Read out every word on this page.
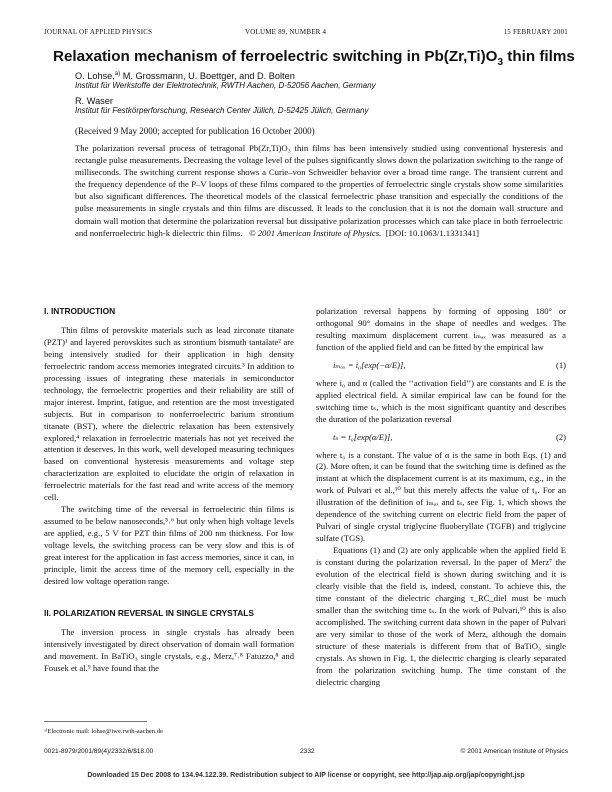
JOURNAL OF APPLIED PHYSICS	VOLUME 89, NUMBER 4	15 FEBRUARY 2001
Relaxation mechanism of ferroelectric switching in $Pb(Zr,Ti)O_3$ thin films
O. Lohse,$^{a)}$ M. Grossmann, U. Boettger, and D. Bolten
Institut für Werkstoffe der Elektrotechnik, RWTH Aachen, D-52056 Aachen, Germany
R. Waser
Institut für Festkörperforschung, Research Center Jülich, D-52425 Jülich, Germany
(Received 9 May 2000; accepted for publication 16 October 2000)
The polarization reversal process of tetragonal Pb(Zr,Ti)O₃ thin films has been intensively studied using conventional hysteresis and rectangle pulse measurements. Decreasing the voltage level of the pulses significantly slows down the polarization switching to the range of milliseconds. The switching current response shows a Curie–von Schweidler behavior over a broad time range. The transient current and the frequency dependence of the P–V loops of these films compared to the properties of ferroelectric single crystals show some similarities but also significant differences. The theoretical models of the classical ferroelectric phase transition and especially the conditions of the pulse measurements in single crystals and thin films are discussed. It leads to the conclusion that it is not the domain wall structure and domain wall motion that determine the polarization reversal but dissipative polarization processes which can take place in both ferroelectric and nonferroelectric high-k dielectric thin films. © 2001 American Institute of Physics. [DOI: 10.1063/1.1331341]
I. INTRODUCTION

Thin films of perovskite materials such as lead zirconate titanate (PZT)¹ and layered perovskites such as strontium bismuth tantalate² are being intensively studied for their application in high density ferroelectric random access memories integrated circuits.³ In addition to processing issues of integrating these materials in semiconductor technology, the ferroelectric properties and their reliability are still of major interest. Imprint, fatigue, and retention are the most investigated subjects. But in comparison to nonferroelectric barium strontium titanate (BST), where the dielectric relaxation has been extensively explored,⁴ relaxation in ferroelectric materials has not yet received the attention it deserves. In this work, well developed measuring techniques based on conventional hysteresis measurements and voltage step characterization are exploited to elucidate the origin of relaxation in ferroelectric materials for the fast read and write access of the memory cell.

The switching time of the reversal in ferroelectric thin films is assumed to be below nanoseconds,⁵˒⁶ but only when high voltage levels are applied, e.g., 5 V for PZT thin films of 200 nm thickness. For low voltage levels, the switching process can be very slow and this is of great interest for the application in fast access memories, since it can, in principle, limit the access time of the memory cell, especially in the desired low voltage operation range.

II. POLARIZATION REVERSAL IN SINGLE CRYSTALS

The inversion process in single crystals has already been intensively investigated by direct observation of domain wall formation and movement. In BaTiO₃ single crystals, e.g., Merz,⁷˒⁸ Fatuzzo,⁸ and Fousek et al.⁹ have found that the

polarization reversal happens by forming of opposing 180° or orthogonal 90° domains in the shape of needles and wedges. The resulting maximum displacement current iₘₐₓ was measured as a function of the applied field and can be fitted by the empirical law

iₘₐₓ = i₀[exp(−α/E)],	(1)

where i₀ and α (called the ‘‘activation field’’) are constants and E is the applied electrical field. A similar empirical law can be found for the switching time tₛ, which is the most significant quantity and describes the duration of the polarization reversal

tₛ = t₀[exp(α/E)],	(2)

where t₀ is a constant. The value of α is the same in both Eqs. (1) and (2). More often, it can be found that the switching time is defined as the instant at which the displacement current is at its maximum, e.g., in the work of Pulvari et al.,¹⁰ but this merely affects the value of t₀. For an illustration of the definition of iₘₐₓ and tₛ, see Fig. 1, which shows the dependence of the switching current on electric field from the paper of Pulvari of single crystal triglycine fluoberyllate (TGFB) and triglycine sulfate (TGS).

Equations (1) and (2) are only applicable when the applied field E is constant during the polarization reversal. In the paper of Merz⁷ the evolution of the electrical field is shown during switching and it is clearly visible that the field is, indeed, constant. To achieve this, the time constant of the dielectric charging τ_RC_diel must be much smaller than the switching time tₛ. In the work of Pulvari,¹⁰ this is also accomplished. The switching current data shown in the paper of Pulvari are very similar to those of the work of Merz, although the domain structure of these materials is different from that of BaTiO₃ single crystals. As shown in Fig. 1, the dielectric charging is clearly separated from the polarization switching hump. The time constant of the dielectric charging

ᵃ⁾Electronic mail: lohse@iwe.rwth-aachen.de
0021-8979/2001/89(4)/2332/6/$18.00	2332	© 2001 American Institute of Physics
Downloaded 15 Dec 2008 to 134.94.122.39. Redistribution subject to AIP license or copyright, see http://jap.aip.org/jap/copyright.jsp
